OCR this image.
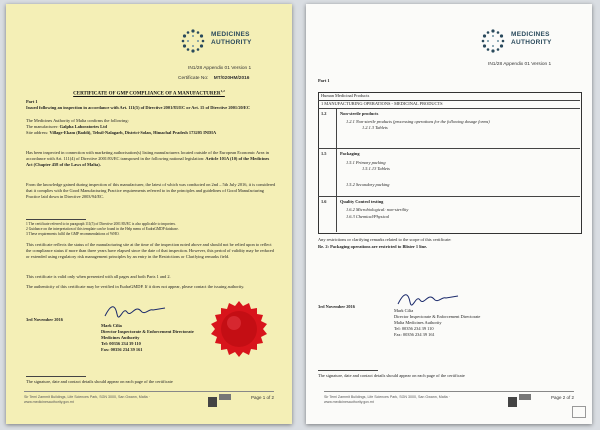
MEDICINES
AUTHORITY
IN1/28 Appendix 01 Version 1
Certificate No: MT/020HM/2016
CERTIFICATE OF GMP COMPLIANCE OF A MANUFACTURER$^{1,2}$
Part 1
Issued following an inspection in accordance with Art. 111(5) of Directive 2001/83/EC or Art. 15 of Directive 2001/20/EC
The Medicines Authority of Malta confirms the following:
The manufacturer: Galpha Laboratories Ltd
Site address: Village-Ekam (Baddi), Tehsil-Nalagarh, District-Solan, Himachal Pradesh 173205 INDIA
Has been inspected in connection with marketing authorisation(s) listing manufacturers located outside of the European Economic Area in accordance with Art. 111(4) of Directive 2001/83/EC transposed in the following national legislation: Article 101A (10) of the Medicines Act (Chapter 458 of the Laws of Malta).
From the knowledge gained during inspection of this manufacturer, the latest of which was conducted on 2nd – 5th July 2016, it is considered that it complies with the Good Manufacturing Practice requirements referred to in the principles and guidelines of Good Manufacturing Practice laid down in Directive 2003/94/EC.
1 The certificate referred to in paragraph 111(5) of Directive 2001/83/EC is also applicable to importers.
2 Guidance on the interpretation of this template can be found in the Help menu of EudraGMDP database.
3 These requirements fulfil the GMP recommendations of WHO.
This certificate reflects the status of the manufacturing site at the time of the inspection noted above and should not be relied upon to reflect the compliance status if more than three years have elapsed since the date of that inspection. However, this period of validity may be reduced or extended using regulatory risk management principles by an entry in the Restrictions or Clarifying remarks field.
This certificate is valid only when presented with all pages and both Parts 1 and 2.
The authenticity of this certificate may be verified in EudraGMDP. If it does not appear, please contact the issuing authority.
3rd November 2016
Mark Cilia
Director Inspectorate & Enforcement Directorate
Medicines Authority
Tel: 00356 234 39 110
Fax: 00356 234 39 161
The signature, date and contact details should appear on each page of the certificate
Sir Temi Zammit Buildings, Life Sciences Park, SGN 3000, San Gwann, Malta · www.medicinesauthority.gov.mt
Page 1 of 2
MEDICINES
AUTHORITY
IN1/28 Appendix 01 Version 1
Part 1
Human Medicinal Products
1 MANUFACTURING OPERATIONS - MEDICINAL PRODUCTS
1.2	Non-sterile products
1.2.1 Non-sterile products (processing operations for the following dosage forms)
1.2.1.3 Tablets
1.5	Packaging
1.5.1 Primary packing
1.5.1.13 Tablets
1.5.2 Secondary packing
1.6	Quality Control testing
1.6.2 Microbiological: non-sterility
1.6.3 Chemical/Physical
Any restrictions or clarifying remarks related to the scope of this certificate:
Re. 2: Packaging operations are restricted to Blister 1 line.
3rd November 2016
Mark Cilia
Director Inspectorate & Enforcement Directorate
Malta Medicines Authority
Tel: 00356 234 39 110
Fax: 00356 234 39 161
The signature, date and contact details should appear on each page of the certificate
Sir Temi Zammit Buildings, Life Sciences Park, SGN 3000, San Gwann, Malta · www.medicinesauthority.gov.mt
Page 2 of 2
